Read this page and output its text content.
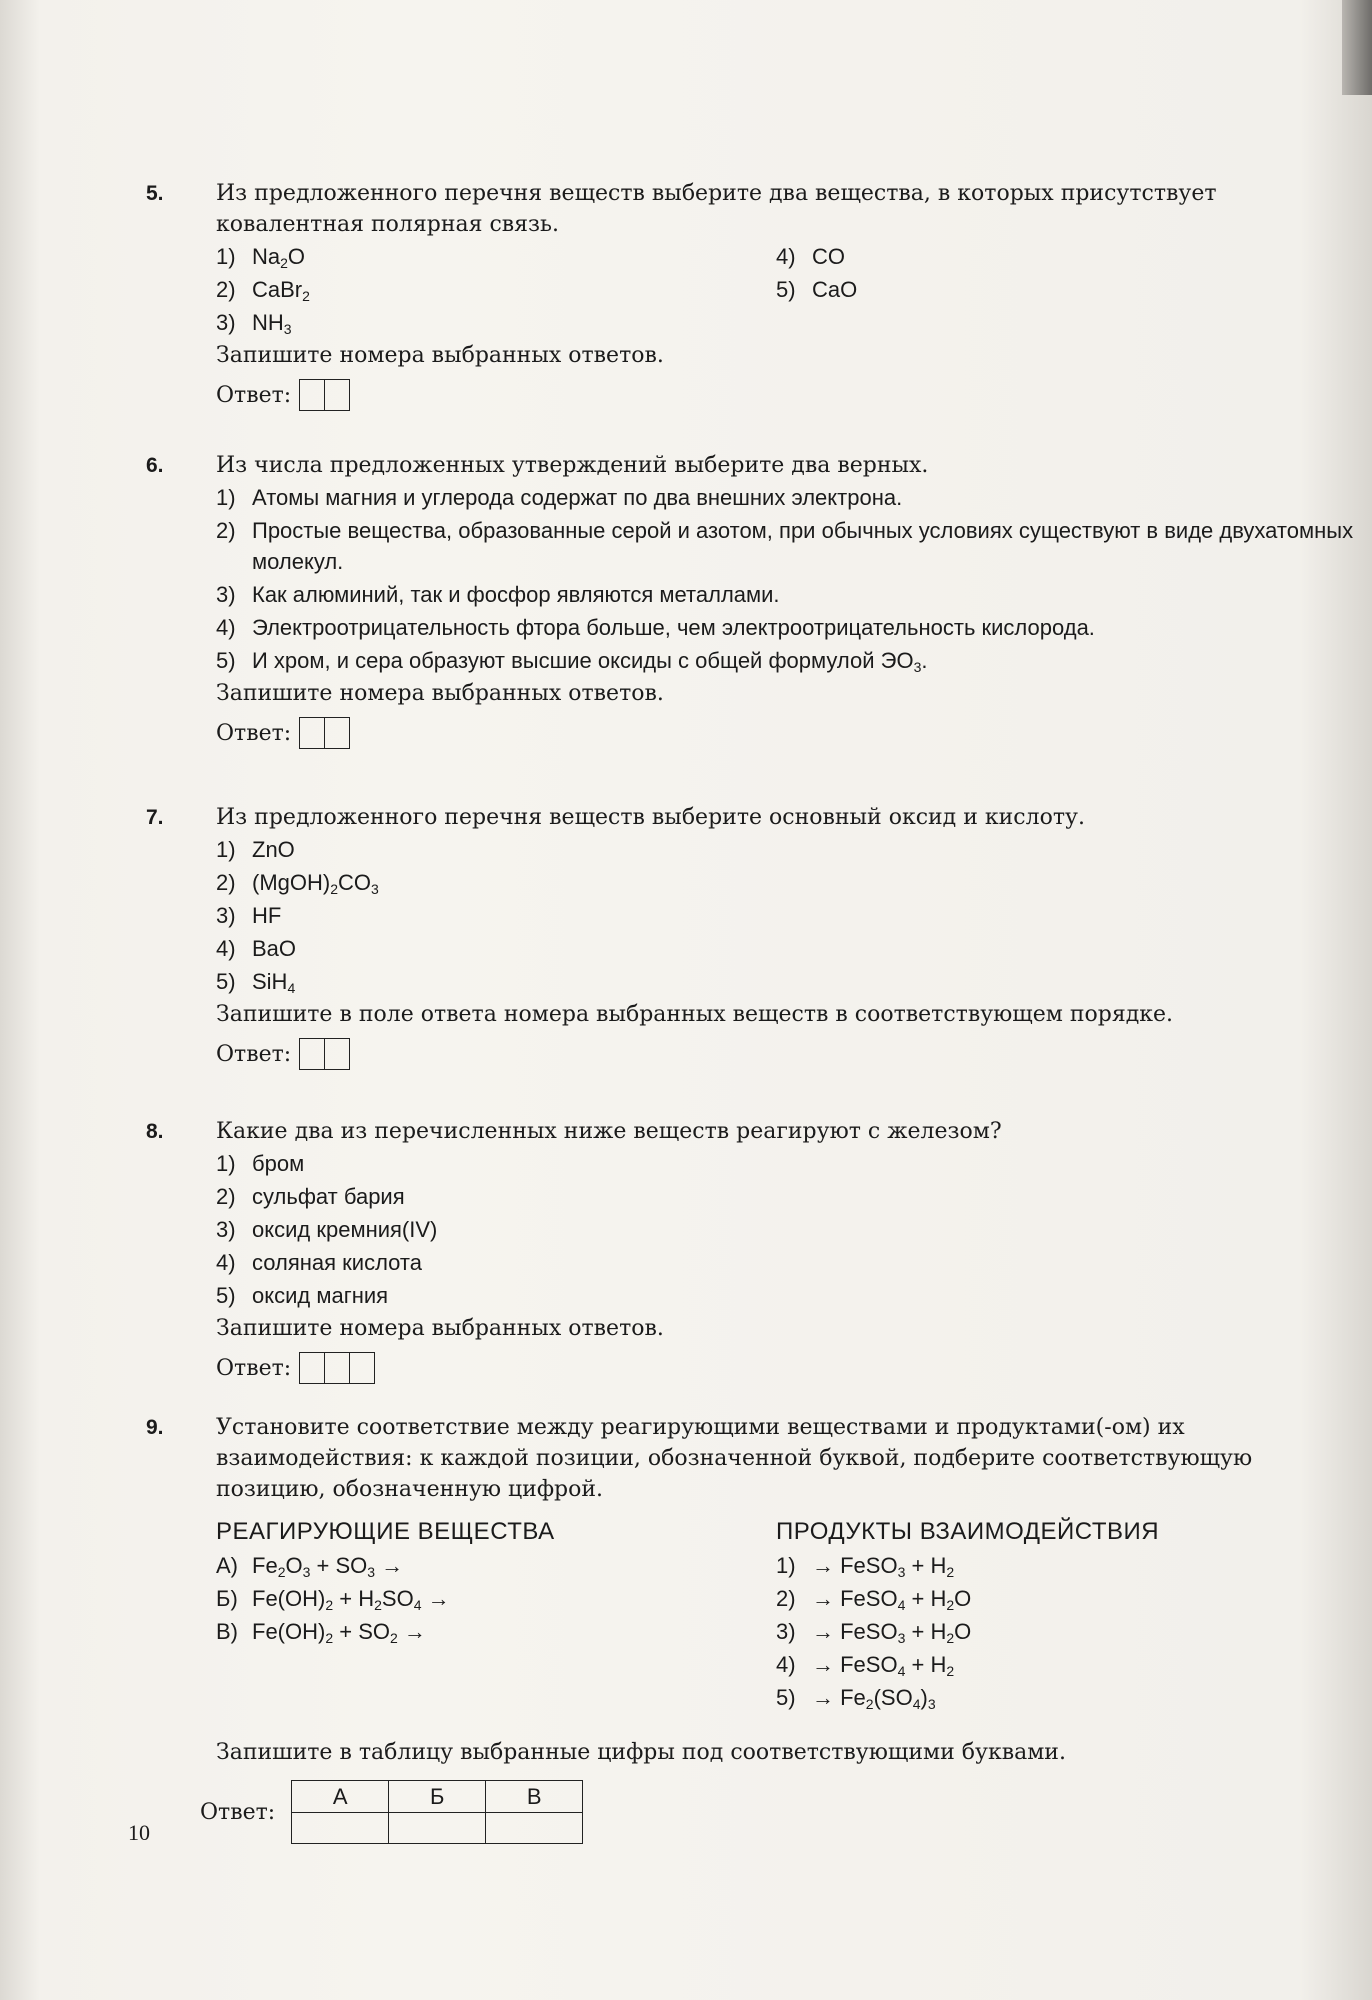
5. Из предложенного перечня веществ выберите два вещества, в которых присутствует ковалентная полярная связь.
1) $Na_2O$
2) CaBr$_2$
3) $NH_3$
4) CO
5) CaO
Запишите номера выбранных ответов.
Ответ:
6. Из числа предложенных утверждений выберите два верных.
1) Атомы магния и углерода содержат по два внешних электрона.
2) Простые вещества, образованные серой и азотом, при обычных условиях существуют в виде двухатомных молекул.
3) Как алюминий, так и фосфор являются металлами.
4) Электроотрицательность фтора больше, чем электроотрицательность кислорода.
5) И хром, и сера образуют высшие оксиды с общей формулой $ЭО_3$.
Запишите номера выбранных ответов.
Ответ:
7. Из предложенного перечня веществ выберите основный оксид и кислоту.
1) ZnO
2) $(MgOH)_2CO_3$
3) HF
4) BaO
5) SiH$_4$
Запишите в поле ответа номера выбранных веществ в соответствующем порядке.
Ответ:
8. Какие два из перечисленных ниже веществ реагируют с железом?
1) бром
2) сульфат бария
3) оксид кремния(IV)
4) соляная кислота
5) оксид магния
Запишите номера выбранных ответов.
Ответ:
9. Установите соответствие между реагирующими веществами и продуктами(-ом) их взаимодействия: к каждой позиции, обозначенной буквой, подберите соответствующую позицию, обозначенную цифрой.
РЕАГИРУЮЩИЕ ВЕЩЕСТВА
А) $Fe_2O_3 + SO_3$ →
Б) $Fe(OH)_2 + H_2SO_4$ →
В) $Fe(OH)_2 + SO_2$ →
ПРОДУКТЫ ВЗАИМОДЕЙСТВИЯ
1) → FeSO$_3$ + $H_2$
2) → FeSO$_4$ + $H_2O$
3) → FeSO$_3$ + $H_2O$
4) → FeSO$_4$ + $H_2$
$5) \to Fe_2(SO_4)_3$
Запишите в таблицу выбранные цифры под соответствующими буквами.
Ответ:
А	Б	В

10
